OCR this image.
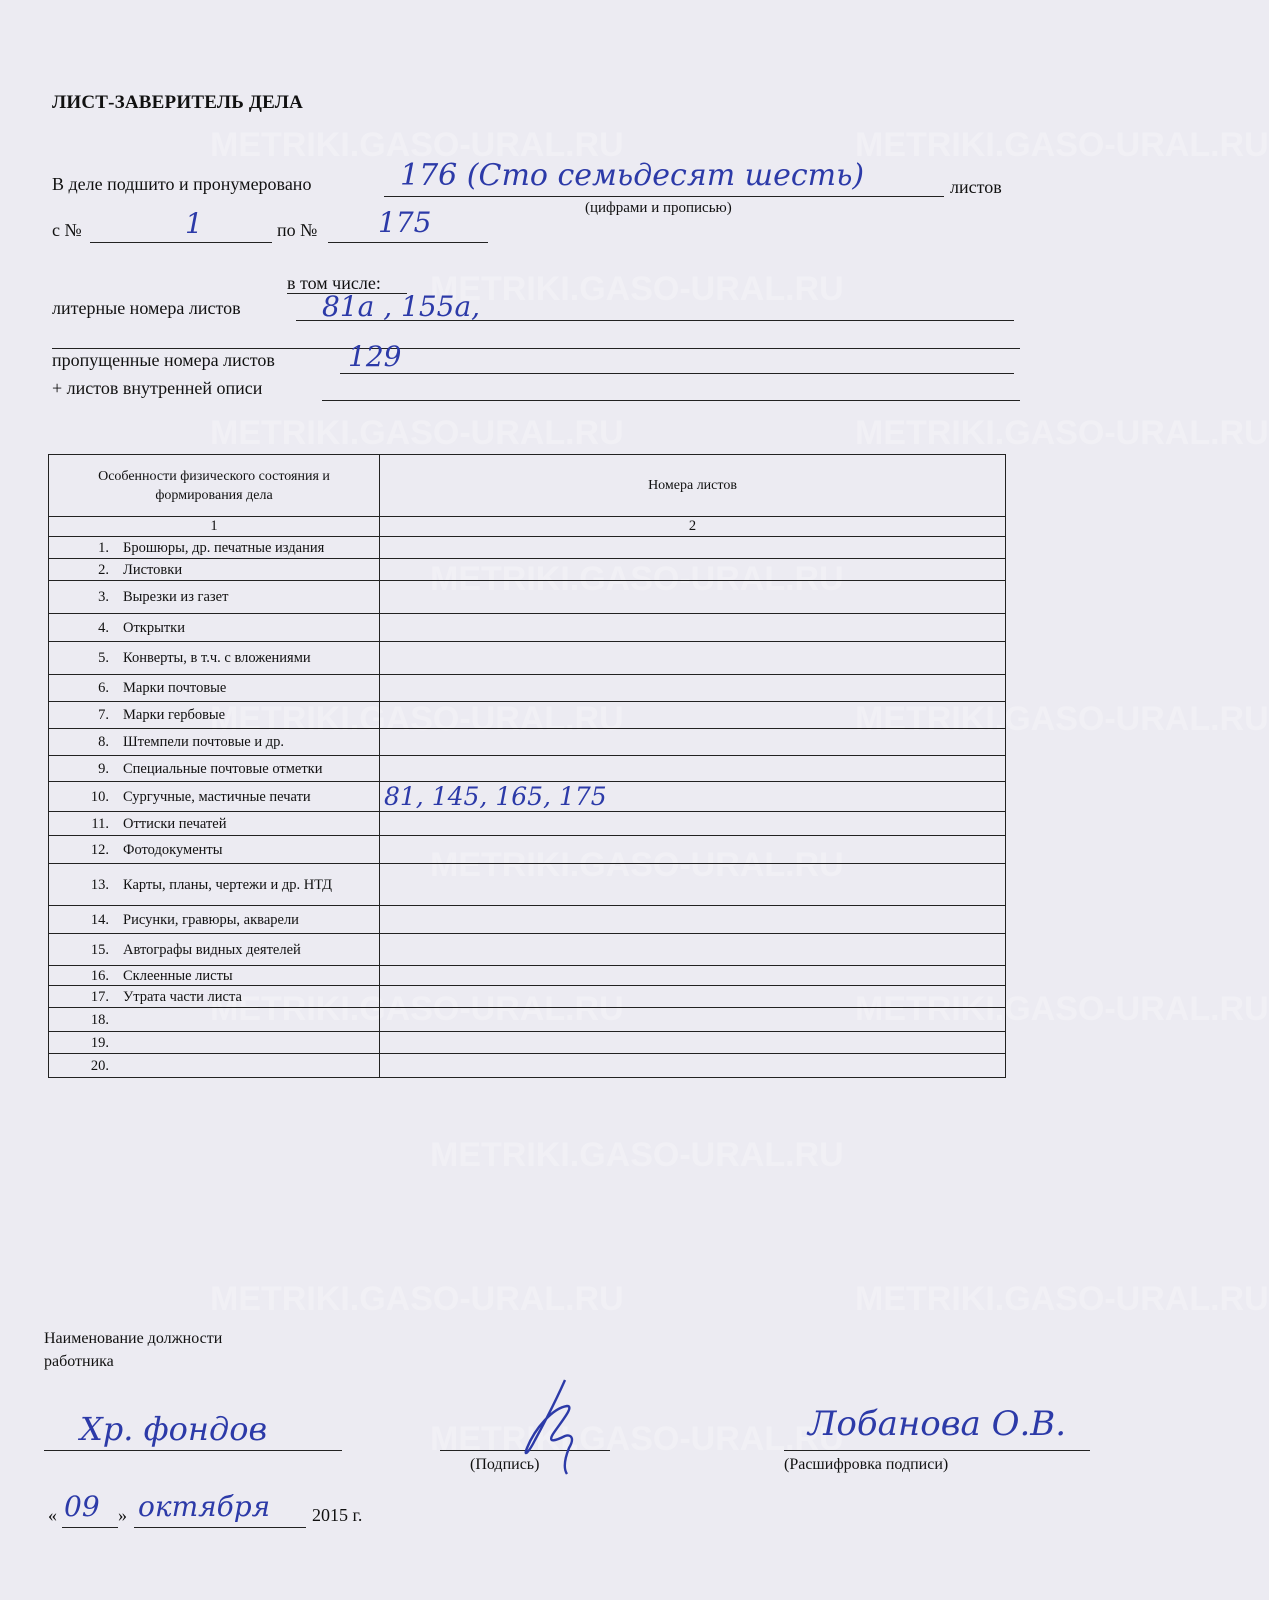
METRIKI.GASO-URAL.RU	METRIKI.GASO-URAL.RU
METRIKI.GASO-URAL.RU
METRIKI.GASO-URAL.RU	METRIKI.GASO-URAL.RU
METRIKI.GASO-URAL.RU
METRIKI.GASO-URAL.RU	METRIKI.GASO-URAL.RU
METRIKI.GASO-URAL.RU
METRIKI.GASO-URAL.RU	METRIKI.GASO-URAL.RU
METRIKI.GASO-URAL.RU
METRIKI.GASO-URAL.RU	METRIKI.GASO-URAL.RU
METRIKI.GASO-URAL.RU
ЛИСТ-ЗАВЕРИТЕЛЬ ДЕЛА
В деле подшито и пронумеровано	176 (Сто семьдесят шесть)	листов
(цифрами и прописью)
с №	1	по № 175
в том числе:
литерные номера листов	81а , 155а,
пропущенные номера листов	129
+ листов внутренней описи
Особенности физического состояния и формирования дела	Номера листов
1	2

1. Брошюры, др. печатные издания	

2. Листовки	

3. Вырезки из газет	

4. Открытки	

5. Конверты, в т.ч. с вложениями	

6. Марки почтовые	

7. Марки гербовые	

8. Штемпели почтовые и др.	

9. Специальные почтовые отметки	

10. Сургучные, мастичные печати	81, 145, 165, 175

11. Оттиски печатей	

12. Фотодокументы	

13. Карты, планы, чертежи и др. НТД	

14. Рисунки, гравюры, акварели	

15. Автографы видных деятелей	

16. Склеенные листы	

17. Утрата части листа	

18.	

19.	

20.	

Наименование должности
работника
Хр. фондов
(Подпись)
Лобанова О.В.
(Расшифровка подписи)
« 09 » октября 2015 г.
